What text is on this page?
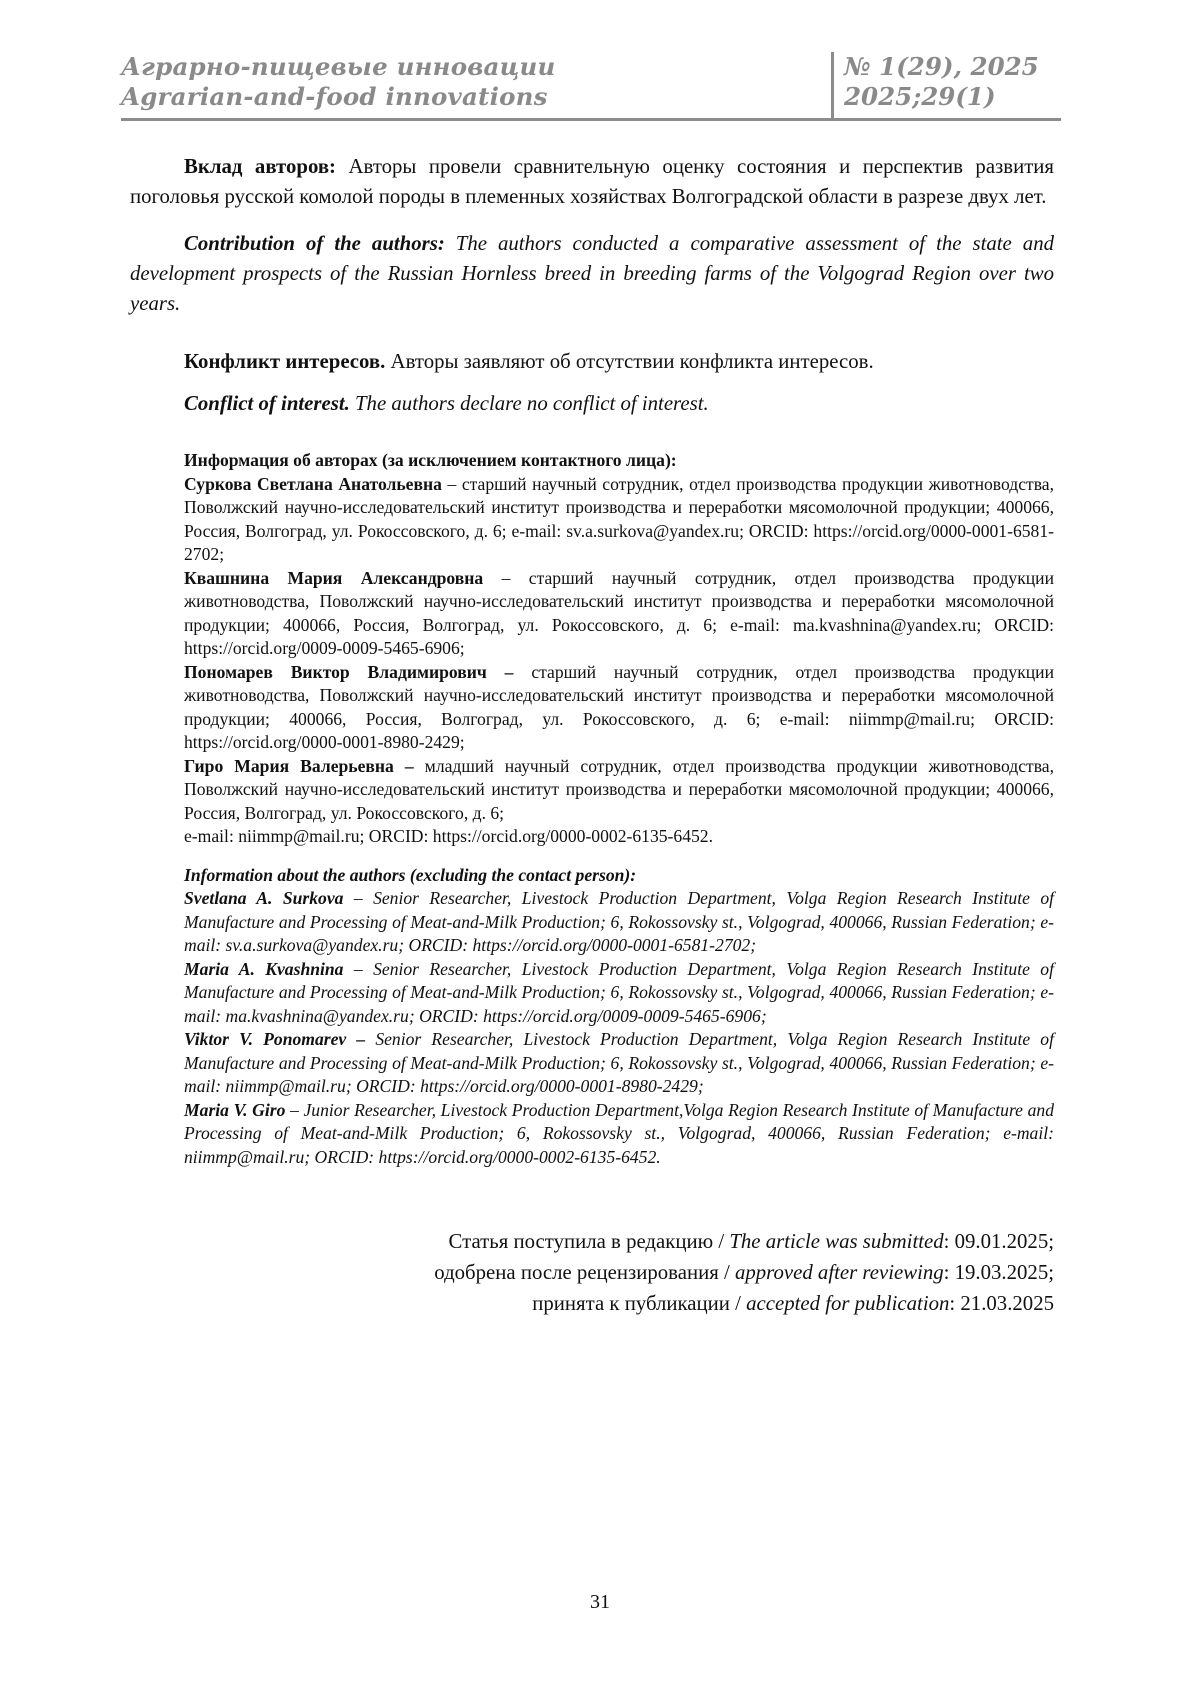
Аграрно-пищевые инновации
Agrarian-and-food innovations
№ 1(29), 2025
2025;29(1)

Вклад авторов: Авторы провели сравнительную оценку состояния и перспектив развития поголовья русской комолой породы в племенных хозяйствах Волгоградской области в разрезе двух лет.

Contribution of the authors: The authors conducted a comparative assessment of the state and development prospects of the Russian Hornless breed in breeding farms of the Volgograd Region over two years.

Конфликт интересов. Авторы заявляют об отсутствии конфликта интересов.

Conflict of interest. The authors declare no conflict of interest.

Информация об авторах (за исключением контактного лица):

Суркова Светлана Анатольевна – старший научный сотрудник, отдел производства продукции животноводства, Поволжский научно-исследовательский институт производства и переработки мясомолочной продукции; 400066, Россия, Волгоград, ул. Рокоссовского, д. 6; e-mail: sv.a.surkova@yandex.ru; ORCID: https://orcid.org/0000-0001-6581-2702;

Квашнина Мария Александровна – старший научный сотрудник, отдел производства продукции животноводства, Поволжский научно-исследовательский институт производства и переработки мясомолочной продукции; 400066, Россия, Волгоград, ул. Рокоссовского, д. 6; e-mail: ma.kvashnina@yandex.ru; ORCID: https://orcid.org/0009-0009-5465-6906;

Пономарев Виктор Владимирович – старший научный сотрудник, отдел производства продукции животноводства, Поволжский научно-исследовательский институт производства и переработки мясомолочной продукции; 400066, Россия, Волгоград, ул. Рокоссовского, д. 6; e-mail: niimmp@mail.ru; ORCID: https://orcid.org/0000-0001-8980-2429;

Гиро Мария Валерьевна – младший научный сотрудник, отдел производства продукции животноводства, Поволжский научно-исследовательский институт производства и переработки мясомолочной продукции; 400066, Россия, Волгоград, ул. Рокоссовского, д. 6;

e-mail: niimmp@mail.ru; ORCID: https://orcid.org/0000-0002-6135-6452.

Information about the authors (excluding the contact person):

Svetlana A. Surkova – Senior Researcher, Livestock Production Department, Volga Region Research Institute of Manufacture and Processing of Meat-and-Milk Production; 6, Rokossovsky st., Volgograd, 400066, Russian Federation; e-mail: sv.a.surkova@yandex.ru; ORCID: https://orcid.org/0000-0001-6581-2702;

Maria A. Kvashnina – Senior Researcher, Livestock Production Department, Volga Region Research Institute of Manufacture and Processing of Meat-and-Milk Production; 6, Rokossovsky st., Volgograd, 400066, Russian Federation; e-mail: ma.kvashnina@yandex.ru; ORCID: https://orcid.org/0009-0009-5465-6906;

Viktor V. Ponomarev – Senior Researcher, Livestock Production Department, Volga Region Research Institute of Manufacture and Processing of Meat-and-Milk Production; 6, Rokossovsky st., Volgograd, 400066, Russian Federation; e-mail: niimmp@mail.ru; ORCID: https://orcid.org/0000-0001-8980-2429;

Maria V. Giro – Junior Researcher, Livestock Production Department,Volga Region Research Institute of Manufacture and Processing of Meat-and-Milk Production; 6, Rokossovsky st., Volgograd, 400066, Russian Federation; e-mail: niimmp@mail.ru; ORCID: https://orcid.org/0000-0002-6135-6452.

Статья поступила в редакцию / The article was submitted: 09.01.2025;
одобрена после рецензирования / approved after reviewing: 19.03.2025;
принята к публикации / accepted for publication: 21.03.2025
31
